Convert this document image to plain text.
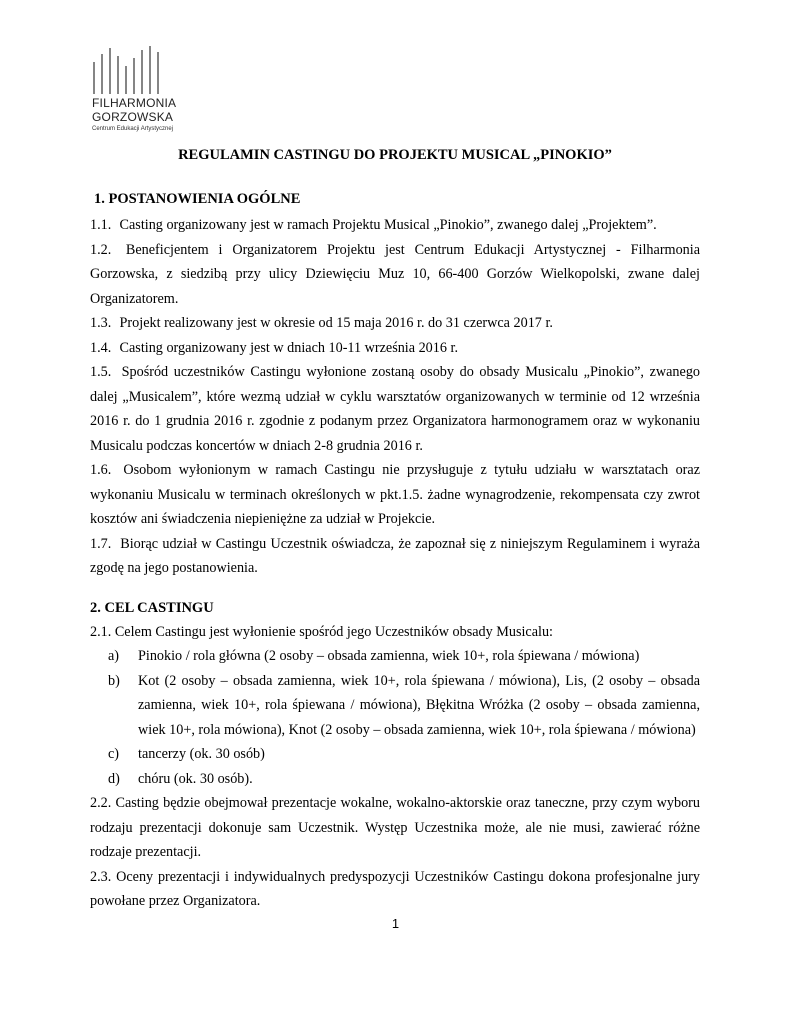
FILHARMONIA
GORZOWSKA
Centrum Edukacji Artystycznej
REGULAMIN CASTINGU DO PROJEKTU MUSICAL „PINOKIO”
1. POSTANOWIENIA OGÓLNE

1.1. Casting organizowany jest w ramach Projektu Musical „Pinokio”, zwanego dalej „Projektem”.

1.2. Beneficjentem i Organizatorem Projektu jest Centrum Edukacji Artystycznej - Filharmonia Gorzowska, z siedzibą przy ulicy Dziewięciu Muz 10, 66-400 Gorzów Wielkopolski, zwane dalej Organizatorem.

1.3. Projekt realizowany jest w okresie od 15 maja 2016 r. do 31 czerwca 2017 r.

1.4. Casting organizowany jest w dniach 10-11 września 2016 r.

1.5. Spośród uczestników Castingu wyłonione zostaną osoby do obsady Musicalu „Pinokio”, zwanego dalej „Musicalem”, które wezmą udział w cyklu warsztatów organizowanych w terminie od 12 września 2016 r. do 1 grudnia 2016 r. zgodnie z podanym przez Organizatora harmonogramem oraz w wykonaniu Musicalu podczas koncertów w dniach 2-8 grudnia 2016 r.

1.6. Osobom wyłonionym w ramach Castingu nie przysługuje z tytułu udziału w warsztatach oraz wykonaniu Musicalu w terminach określonych w pkt.1.5. żadne wynagrodzenie, rekompensata czy zwrot kosztów ani świadczenia niepieniężne za udział w Projekcie.

1.7. Biorąc udział w Castingu Uczestnik oświadcza, że zapoznał się z niniejszym Regulaminem i wyraża zgodę na jego postanowienia.

2. CEL CASTINGU

2.1. Celem Castingu jest wyłonienie spośród jego Uczestników obsady Musicalu:

a)	Pinokio / rola główna (2 osoby – obsada zamienna, wiek 10+, rola śpiewana / mówiona)
b)	Kot (2 osoby – obsada zamienna, wiek 10+, rola śpiewana / mówiona), Lis, (2 osoby – obsada zamienna, wiek 10+, rola śpiewana / mówiona), Błękitna Wróżka (2 osoby – obsada zamienna, wiek 10+, rola mówiona), Knot (2 osoby – obsada zamienna, wiek 10+, rola śpiewana / mówiona)
c)	tancerzy (ok. 30 osób)
d)	chóru (ok. 30 osób).

2.2. Casting będzie obejmował prezentacje wokalne, wokalno-aktorskie oraz taneczne, przy czym wyboru rodzaju prezentacji dokonuje sam Uczestnik. Występ Uczestnika może, ale nie musi, zawierać różne rodzaje prezentacji.

2.3. Oceny prezentacji i indywidualnych predyspozycji Uczestników Castingu dokona profesjonalne jury powołane przez Organizatora.

1
